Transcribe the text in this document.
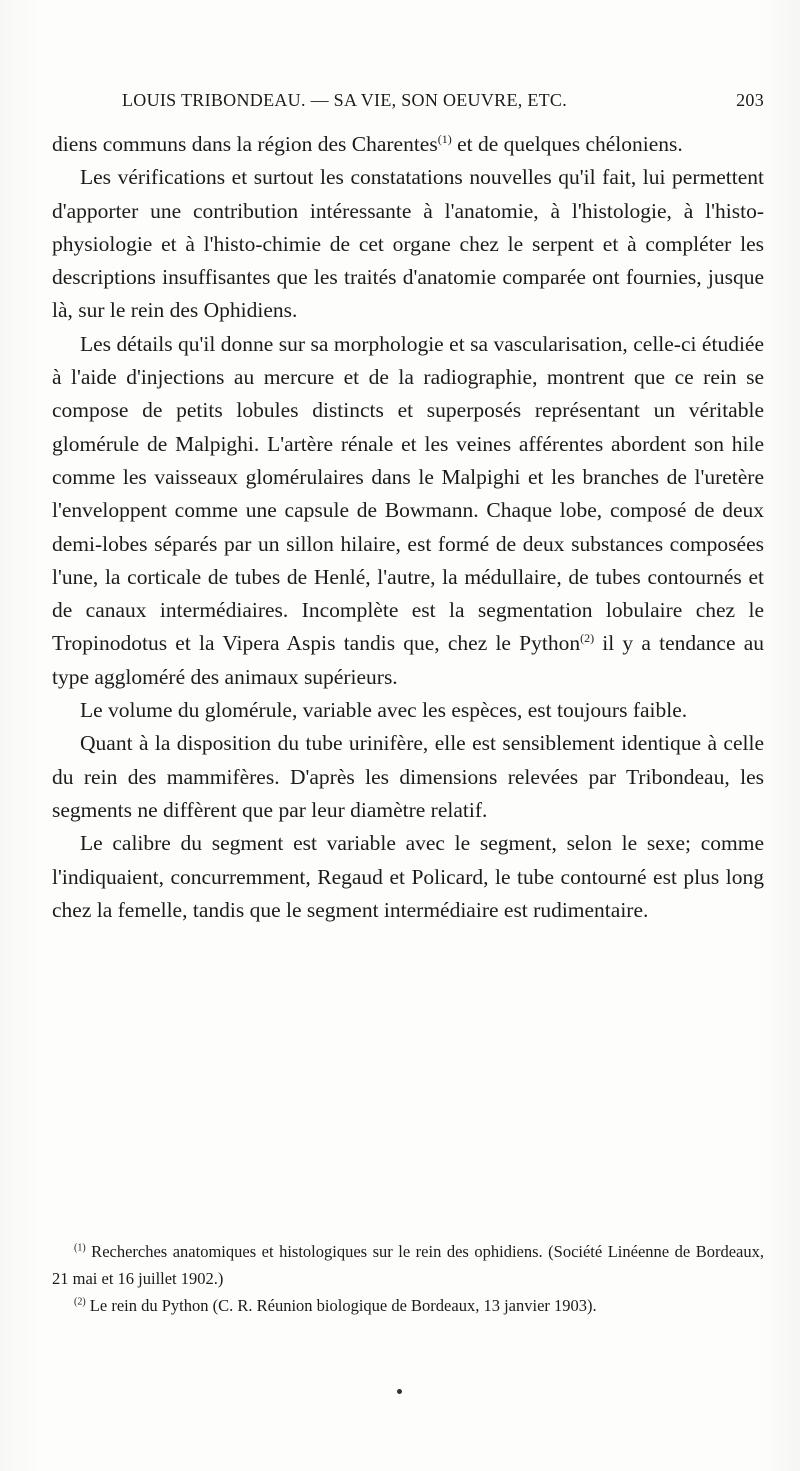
LOUIS TRIBONDEAU. — SA VIE, SON OEUVRE, ETC.	203

diens communs dans la région des Charentes$^{(1)}$ et de quelques chéloniens.

Les vérifications et surtout les constatations nouvelles qu'il fait, lui permettent d'apporter une contribution intéressante à l'anatomie, à l'histologie, à l'histo-physiologie et à l'histo-chimie de cet organe chez le serpent et à compléter les descriptions insuffisantes que les traités d'anatomie comparée ont fournies, jusque là, sur le rein des Ophidiens.

Les détails qu'il donne sur sa morphologie et sa vascularisation, celle-ci étudiée à l'aide d'injections au mercure et de la radiographie, montrent que ce rein se compose de petits lobules distincts et superposés représentant un véritable glomérule de Malpighi. L'artère rénale et les veines afférentes abordent son hile comme les vaisseaux glomérulaires dans le Malpighi et les branches de l'uretère l'enveloppent comme une capsule de Bowmann. Chaque lobe, composé de deux demi-lobes séparés par un sillon hilaire, est formé de deux substances composées l'une, la corticale de tubes de Henlé, l'autre, la médullaire, de tubes contournés et de canaux intermédiaires. Incomplète est la segmentation lobulaire chez le Tropinodotus et la Vipera Aspis tandis que, chez le Python$^{(2)}$ il y a tendance au type aggloméré des animaux supérieurs.

Le volume du glomérule, variable avec les espèces, est toujours faible.

Quant à la disposition du tube urinifère, elle est sensiblement identique à celle du rein des mammifères. D'après les dimensions relevées par Tribondeau, les segments ne diffèrent que par leur diamètre relatif.

Le calibre du segment est variable avec le segment, selon le sexe; comme l'indiquaient, concurremment, Regaud et Policard, le tube contourné est plus long chez la femelle, tandis que le segment intermédiaire est rudimentaire.

$^{(1)}$ Recherches anatomiques et histologiques sur le rein des ophidiens. (Société Linéenne de Bordeaux, 21 mai et 16 juillet 1902.)

$^{(2)}$ Le rein du Python (C. R. Réunion biologique de Bordeaux, 13 janvier 1903).
